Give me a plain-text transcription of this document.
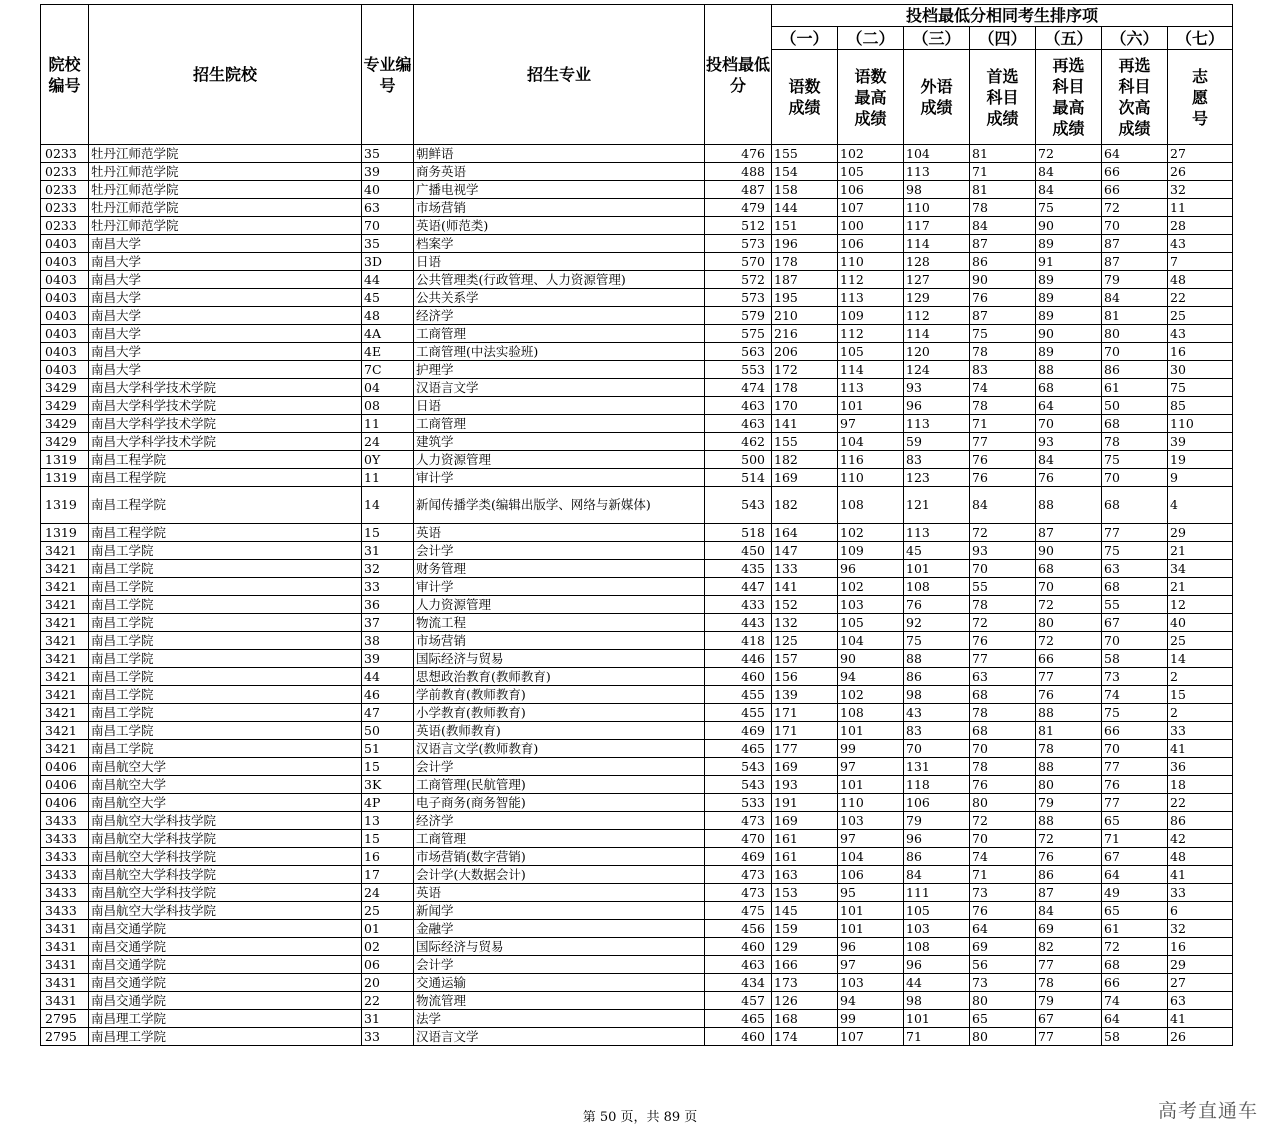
院校编号	招生院校	专业编号	招生专业	投档最低分	投档最低分相同考生排序项						
					（一）	（二）	（三）	（四）	（五）	（六）	（七）
					语数成绩	语数最高成绩	外语成绩	首选科目成绩	再选科目最高成绩	再选科目次高成绩	志愿号
0233	牡丹江师范学院	35	朝鲜语	476	155	102	104	81	72	64	27
0233	牡丹江师范学院	39	商务英语	488	154	105	113	71	84	66	26
0233	牡丹江师范学院	40	广播电视学	487	158	106	98	81	84	66	32
0233	牡丹江师范学院	63	市场营销	479	144	107	110	78	75	72	11
0233	牡丹江师范学院	70	英语(师范类)	512	151	100	117	84	90	70	28
0403	南昌大学	35	档案学	573	196	106	114	87	89	87	43
0403	南昌大学	3D	日语	570	178	110	128	86	91	87	7
0403	南昌大学	44	公共管理类(行政管理、人力资源管理)	572	187	112	127	90	89	79	48
0403	南昌大学	45	公共关系学	573	195	113	129	76	89	84	22
0403	南昌大学	48	经济学	579	210	109	112	87	89	81	25
0403	南昌大学	4A	工商管理	575	216	112	114	75	90	80	43
0403	南昌大学	4E	工商管理(中法实验班)	563	206	105	120	78	89	70	16
0403	南昌大学	7C	护理学	553	172	114	124	83	88	86	30
3429	南昌大学科学技术学院	04	汉语言文学	474	178	113	93	74	68	61	75
3429	南昌大学科学技术学院	08	日语	463	170	101	96	78	64	50	85
3429	南昌大学科学技术学院	11	工商管理	463	141	97	113	71	70	68	110
3429	南昌大学科学技术学院	24	建筑学	462	155	104	59	77	93	78	39
1319	南昌工程学院	0Y	人力资源管理	500	182	116	83	76	84	75	19
1319	南昌工程学院	11	审计学	514	169	110	123	76	76	70	9
1319	南昌工程学院	14	新闻传播学类(编辑出版学、网络与新媒体)	543	182	108	121	84	88	68	4
1319	南昌工程学院	15	英语	518	164	102	113	72	87	77	29
3421	南昌工学院	31	会计学	450	147	109	45	93	90	75	21
3421	南昌工学院	32	财务管理	435	133	96	101	70	68	63	34
3421	南昌工学院	33	审计学	447	141	102	108	55	70	68	21
3421	南昌工学院	36	人力资源管理	433	152	103	76	78	72	55	12
3421	南昌工学院	37	物流工程	443	132	105	92	72	80	67	40
3421	南昌工学院	38	市场营销	418	125	104	75	76	72	70	25
3421	南昌工学院	39	国际经济与贸易	446	157	90	88	77	66	58	14
3421	南昌工学院	44	思想政治教育(教师教育)	460	156	94	86	63	77	73	2
3421	南昌工学院	46	学前教育(教师教育)	455	139	102	98	68	76	74	15
3421	南昌工学院	47	小学教育(教师教育)	455	171	108	43	78	88	75	2
3421	南昌工学院	50	英语(教师教育)	469	171	101	83	68	81	66	33
3421	南昌工学院	51	汉语言文学(教师教育)	465	177	99	70	70	78	70	41
0406	南昌航空大学	15	会计学	543	169	97	131	78	88	77	36
0406	南昌航空大学	3K	工商管理(民航管理)	543	193	101	118	76	80	76	18
0406	南昌航空大学	4P	电子商务(商务智能)	533	191	110	106	80	79	77	22
3433	南昌航空大学科技学院	13	经济学	473	169	103	79	72	88	65	86
3433	南昌航空大学科技学院	15	工商管理	470	161	97	96	70	72	71	42
3433	南昌航空大学科技学院	16	市场营销(数字营销)	469	161	104	86	74	76	67	48
3433	南昌航空大学科技学院	17	会计学(大数据会计)	473	163	106	84	71	86	64	41
3433	南昌航空大学科技学院	24	英语	473	153	95	111	73	87	49	33
3433	南昌航空大学科技学院	25	新闻学	475	145	101	105	76	84	65	6
3431	南昌交通学院	01	金融学	456	159	101	103	64	69	61	32
3431	南昌交通学院	02	国际经济与贸易	460	129	96	108	69	82	72	16
3431	南昌交通学院	06	会计学	463	166	97	96	56	77	68	29
3431	南昌交通学院	20	交通运输	434	173	103	44	73	78	66	27
3431	南昌交通学院	22	物流管理	457	126	94	98	80	79	74	63
2795	南昌理工学院	31	法学	465	168	99	101	65	67	64	41
2795	南昌理工学院	33	汉语言文学	460	174	107	71	80	77	58	26
第 50 页，共 89 页	高考直通车
